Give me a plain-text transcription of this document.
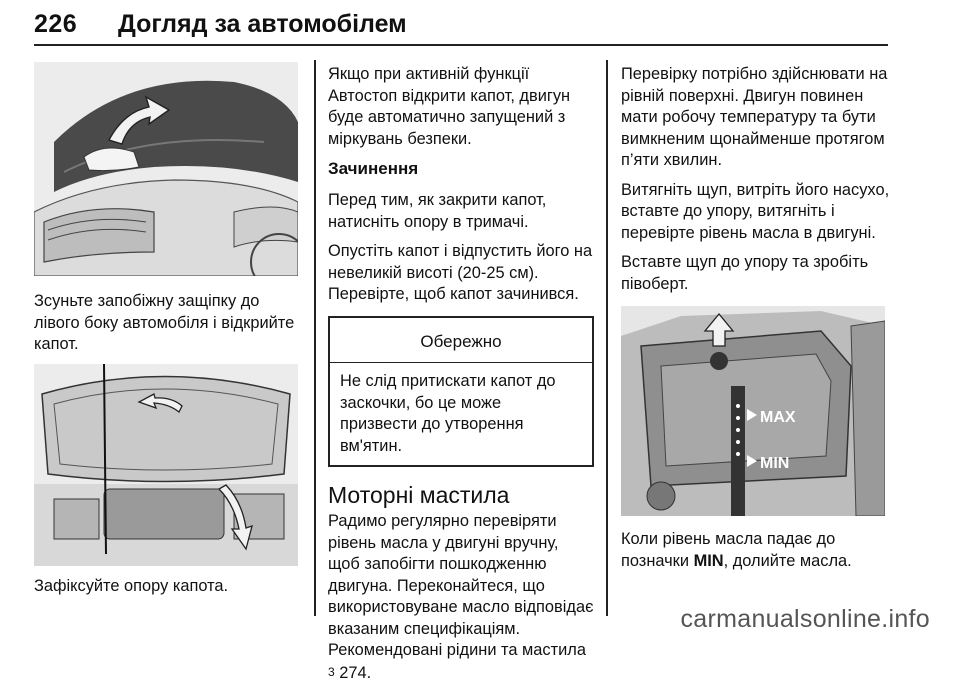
226 Догляд за автомобілем

Зсуньте запобіжну защіпку до лівого боку автомобіля і відкрийте капот.

Зафіксуйте опору капота.

Якщо при активній функції Автостоп відкрити капот, двигун буде автоматично запущений з міркувань безпеки.

Зачинення

Перед тим, як закрити капот, натисніть опору в тримачі.

Опустіть капот і відпустить його на невеликій висоті (20-25 см). Перевірте, щоб капот зачинився.

Обережно
Не слід притискати капот до заскочки, бо це може призвести до утворення вм'ятин.
Моторні мастила

Радимо регулярно перевіряти рівень масла у двигуні вручну, щоб запобігти пошкодженню двигуна. Переконайтеся, що використовуване масло відповідає вказаним специфікаціям. Рекомендовані рідини та мастила
3 274.

Перевірку потрібно здійснювати на рівній поверхні. Двигун повинен мати робочу температуру та бути вимкненим щонайменше протягом п’яти хвилин.

Витягніть щуп, витріть його насухо, вставте до упору, витягніть і перевірте рівень масла в двигуні.

Вставте щуп до упору та зробіть півоберт.

MAX
MIN

Коли рівень масла падає до позначки MIN, долийте масла.

carmanualsonline.info
